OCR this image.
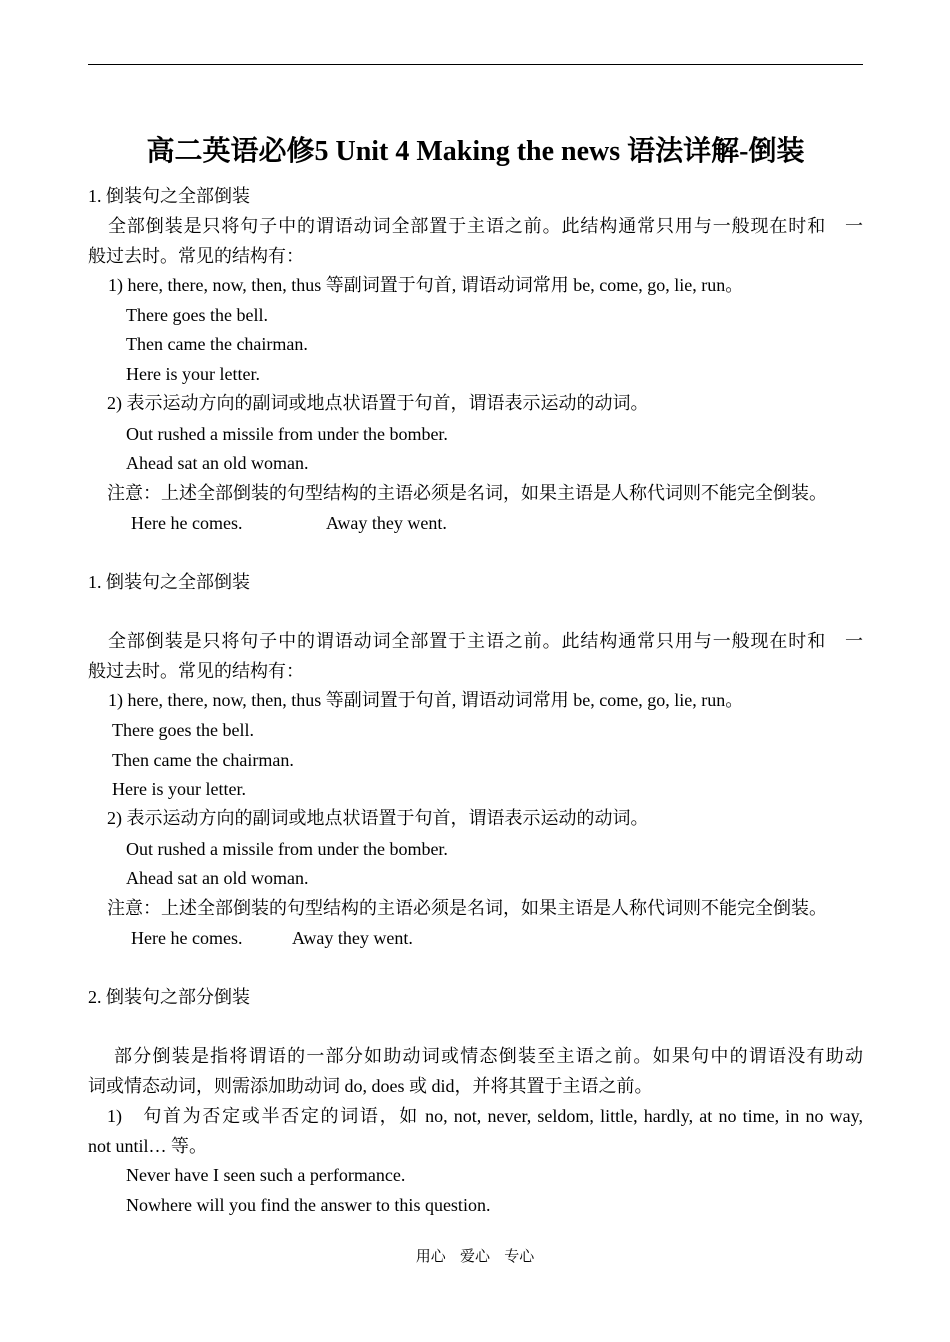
高二英语必修5 Unit 4 Making the news 语法详解-倒装
1. 倒装句之全部倒装
全部倒装是只将句子中的谓语动词全部置于主语之前。此结构通常只用与一般现在时和　一
般过去时。常见的结构有：
1) here, there, now, then, thus 等副词置于句首, 谓语动词常用 be, come, go, lie, run。
There goes the bell.
Then came the chairman.
Here is your letter.
2) 表示运动方向的副词或地点状语置于句首，谓语表示运动的动词。
Out rushed a missile from under the bomber.
Ahead sat an old woman.
注意：上述全部倒装的句型结构的主语必须是名词，如果主语是人称代词则不能完全倒装。
Here he comes.	Away they went.
1. 倒装句之全部倒装
全部倒装是只将句子中的谓语动词全部置于主语之前。此结构通常只用与一般现在时和　一
般过去时。常见的结构有：
1) here, there, now, then, thus 等副词置于句首, 谓语动词常用 be, come, go, lie, run。
There goes the bell.
Then came the chairman.
Here is your letter.
2) 表示运动方向的副词或地点状语置于句首，谓语表示运动的动词。
Out rushed a missile from under the bomber.
Ahead sat an old woman.
注意：上述全部倒装的句型结构的主语必须是名词，如果主语是人称代词则不能完全倒装。
Here he comes.	Away they went.
2. 倒装句之部分倒装
部分倒装是指将谓语的一部分如助动词或情态倒装至主语之前。如果句中的谓语没有助动
词或情态动词，则需添加助动词 do, does 或 did，并将其置于主语之前。
1)　句首为否定或半否定的词语，如 no, not, never, seldom, little, hardly, at no time, in no way,
not until… 等。
Never have I seen such a performance.
Nowhere will you find the answer to this question.
用心 爱心 专心
